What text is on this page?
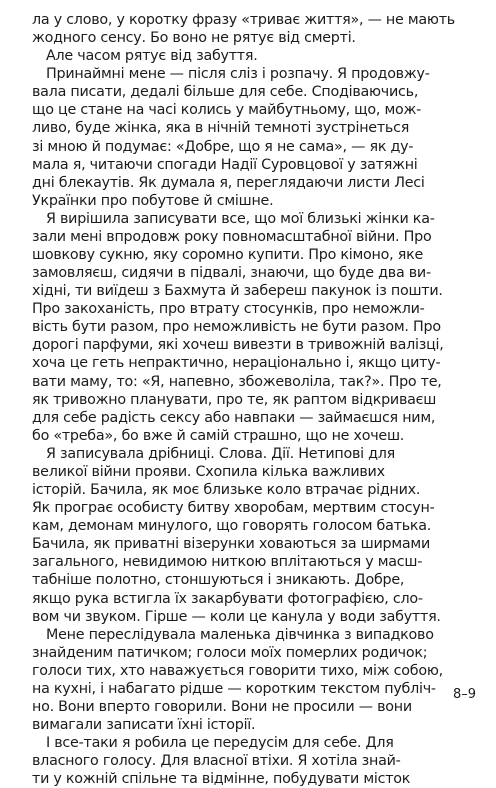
ла у слово, у коротку фразу «триває життя», — не мають
жодного сенсу. Бо воно не рятує від смерті.
Але часом рятує від забуття.
Принаймні мене — після сліз і розпачу. Я продовжу-
вала писати, дедалі більше для себе. Сподіваючись,
що це стане на часі колись у майбутньому, що, мож-
ливо, буде жінка, яка в нічній темноті зустрінеться
зі мною й подумає: «Добре, що я не сама», — як ду-
мала я, читаючи спогади Надії Суровцової у затяжні
дні блекаутів. Як думала я, переглядаючи листи Лесі
Українки про побутове й смішне.
Я вирішила записувати все, що мої близькі жінки ка-
зали мені впродовж року повномасштабної війни. Про
шовкову сукню, яку соромно купити. Про кімоно, яке
замовляєш, сидячи в підвалі, знаючи, що буде два ви-
хідні, ти виїдеш з Бахмута й забереш пакунок із пошти.
Про закоханість, про втрату стосунків, про неможли-
вість бути разом, про неможливість не бути разом. Про
дорогі парфуми, які хочеш вивезти в тривожній валізці,
хоча це геть непрактично, нераціонально і, якщо циту-
вати маму, то: «Я, напевно, збожеволіла, так?». Про те,
як тривожно планувати, про те, як раптом відкриваєш
для себе радість сексу або навпаки — займаєшся ним,
бо «треба», бо вже й самій страшно, що не хочеш.
Я записувала дрібниці. Слова. Дії. Нетипові для
великої війни прояви. Схопила кілька важливих
історій. Бачила, як моє близьке коло втрачає рідних.
Як програє особисту битву хворобам, мертвим стосун-
кам, демонам минулого, що говорять голосом батька.
Бачила, як приватні візерунки ховаються за ширмами
загального, невидимою ниткою вплітаються у масш-
табніше полотно, стоншуються і зникають. Добре,
якщо рука встигла їх закарбувати фотографією, сло-
вом чи звуком. Гірше — коли це канула у води забуття.
Мене переслідувала маленька дівчинка з випадково
знайденим патичком; голоси моїх померлих родичок;
голоси тих, хто наважується говорити тихо, між собою,
на кухні, і набагато рідше — коротким текстом публіч-
но. Вони вперто говорили. Вони не просили — вони
вимагали записати їхні історії.
І все-таки я робила це передусім для себе. Для
власного голосу. Для власної втіхи. Я хотіла знай-
ти у кожній спільне та відмінне, побудувати місток
8–9
